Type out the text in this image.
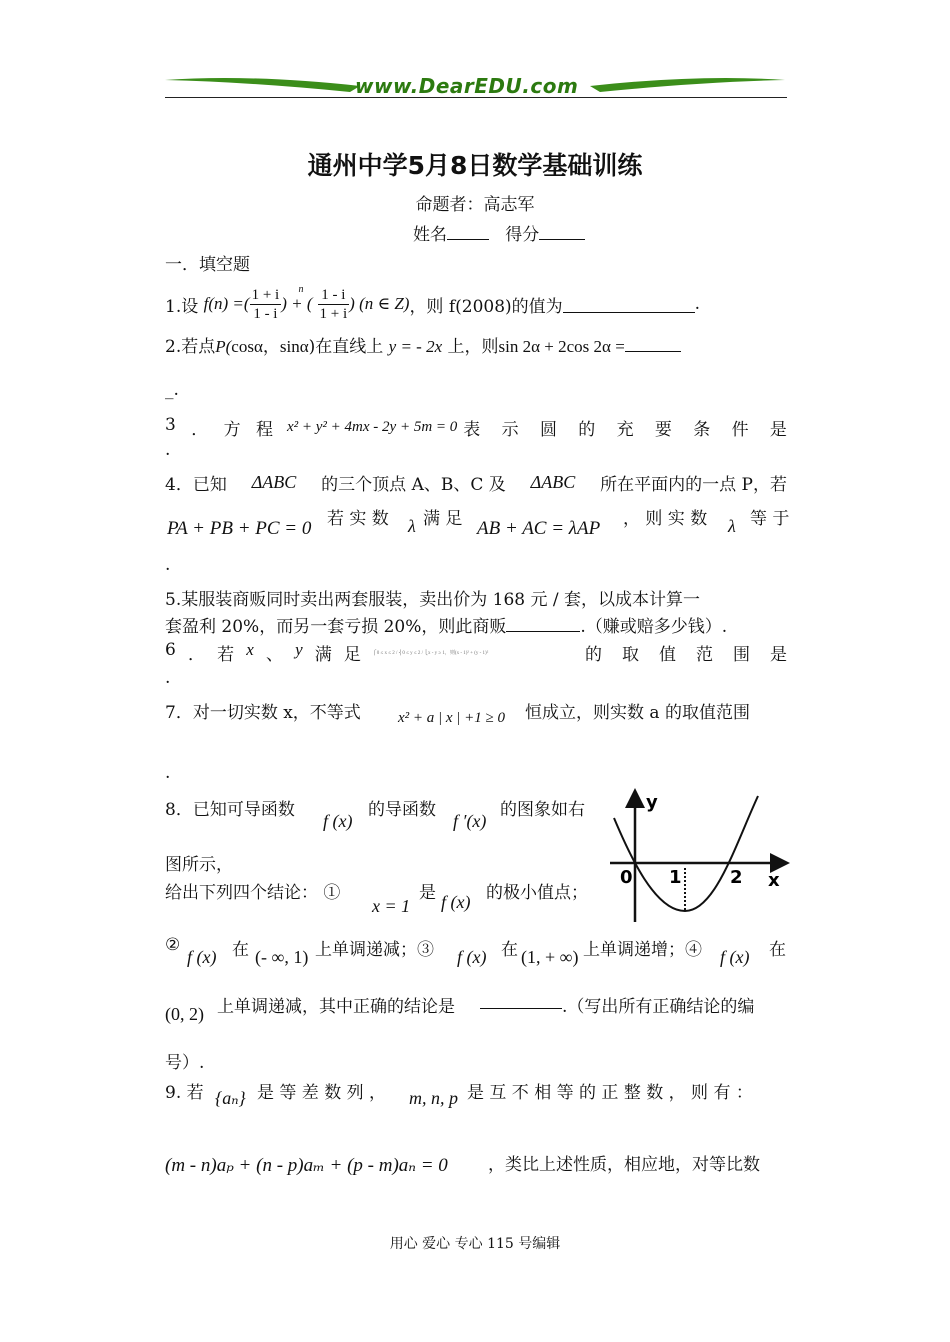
www.DearEDU.com
通州中学5月8日数学基础训练
命题者：高志军
姓名	得分
一．填空题
1.设
f(n) =( $\frac{1 + i}{1 - i}$ ) + ($^n \frac{1 - i}{1 + i}$ ) (n ∈ Z) ，则 f(2008)的值为	.
2.若点P(cosα，sinα)在直线上 y = - 2x 上，则sin 2α + 2cos 2α =
_.
3 ． 方 程 x² + y² + 4mx - 2y + 5m = 0 表 示 圆 的 充 要 条 件 是
.
4．已知 ΔABC 的三个顶点 A、B、C 及 ΔABC 所在平面内的一点 P，若
PA + PB + PC = 0 若 实 数 λ 满 足 AB + AC = λAP ， 则 实 数 λ 等 于
.
5.某服装商贩同时卖出两套服装，卖出价为 168 元 / 套，以成本计算一
套盈利 20%，而另一套亏损 20%，则此商贩	.（赚或赔多少钱）.
6 ． 若 x 、 y 满 足 ⎧0 ≤ x ≤ 2 / ⎨0 ≤ y ≤ 2 / ⎩x - y ≥ 1，则(x - 1)² + (y - 1)²	的 取 值 范 围 是
.
7．对一切实数 x，不等式 x² + a | x | +1 ≥ 0 恒成立，则实数 a 的取值范围
.
8．已知可导函数
f (x)
的导函数
f ′(x)
的图象如右
图所示，
给出下列四个结论： ①
x = 1
是 f (x) 的极小值点；
y
x
0 1	2
②
f (x) 在 (- ∞, 1) 上单调递减；③ f (x) 在 (1, + ∞) 上单调递增；④ f (x) 在
(0, 2) 上单调递减，其中正确的结论是	.（写出所有正确结论的编
号）.
9. 若 {aₙ} 是 等 差 数 列 ，	m, n, p 是 互 不 相 等 的 正 整 数 ， 则 有 ：
(m - n)aₚ + (n - p)aₘ + (p - m)aₙ = 0 ，类比上述性质，相应地，对等比数
用心 爱心 专心 115 号编辑
